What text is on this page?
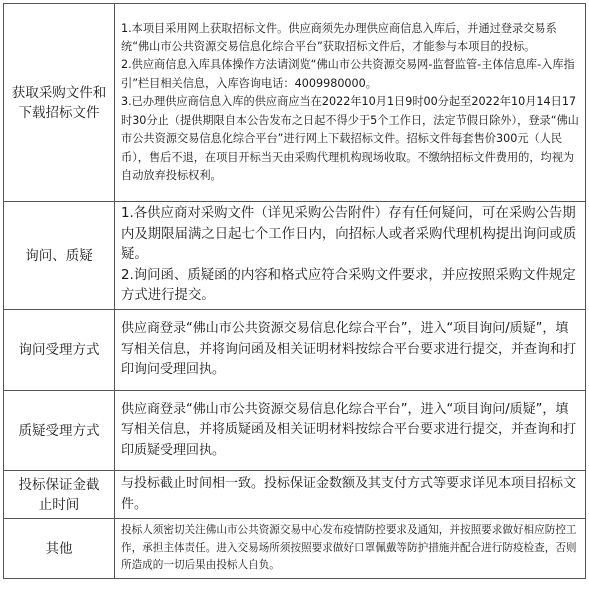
获取采购文件和下载招标文件	1.本项目采用网上获取招标文件。供应商须先办理供应商信息入库后，并通过登录交易系统“佛山市公共资源交易信息化综合平台”获取招标文件后，才能参与本项目的投标。

2.供应商信息入库具体操作方法请浏览“佛山市公共资源交易网-监督监管-主体信息库-入库指引”栏目相关信息，入库咨询电话：4009980000。

3.已办理供应商信息入库的供应商应当在2022年10月1日9时00分起至2022年10月14日17时30分止（提供期限自本公告发布之日起不得少于5个工作日，法定节假日除外），登录“佛山市公共资源交易信息化综合平台”进行网上下载招标文件。招标文件每套售价300元（人民币），售后不退，在项目开标当天由采购代理机构现场收取。不缴纳招标文件费用的，均视为自动放弃投标权利。

询问、质疑	1.各供应商对采购文件（详见采购公告附件）存有任何疑问，可在采购公告期内及期限届满之日起七个工作日内，向招标人或者采购代理机构提出询问或质疑。

2.询问函、质疑函的内容和格式应符合采购文件要求，并应按照采购文件规定方式进行提交。

询问受理方式	供应商登录“佛山市公共资源交易信息化综合平台”，进入“项目询问/质疑”，填写相关信息，并将询问函及相关证明材料按综合平台要求进行提交，并查询和打印询问受理回执。

质疑受理方式	供应商登录“佛山市公共资源交易信息化综合平台”，进入“项目询问/质疑”，填写相关信息，并将质疑函及相关证明材料按综合平台要求进行提交，并查询和打印质疑受理回执。

投标保证金截止时间	与投标截止时间相一致。投标保证金数额及其支付方式等要求详见本项目招标文件。

其他	投标人须密切关注佛山市公共资源交易中心发布疫情防控要求及通知，并按照要求做好相应防控工作，承担主体责任。进入交易场所须按照要求做好口罩佩戴等防护措施并配合进行防疫检查，否则所造成的一切后果由投标人自负。
